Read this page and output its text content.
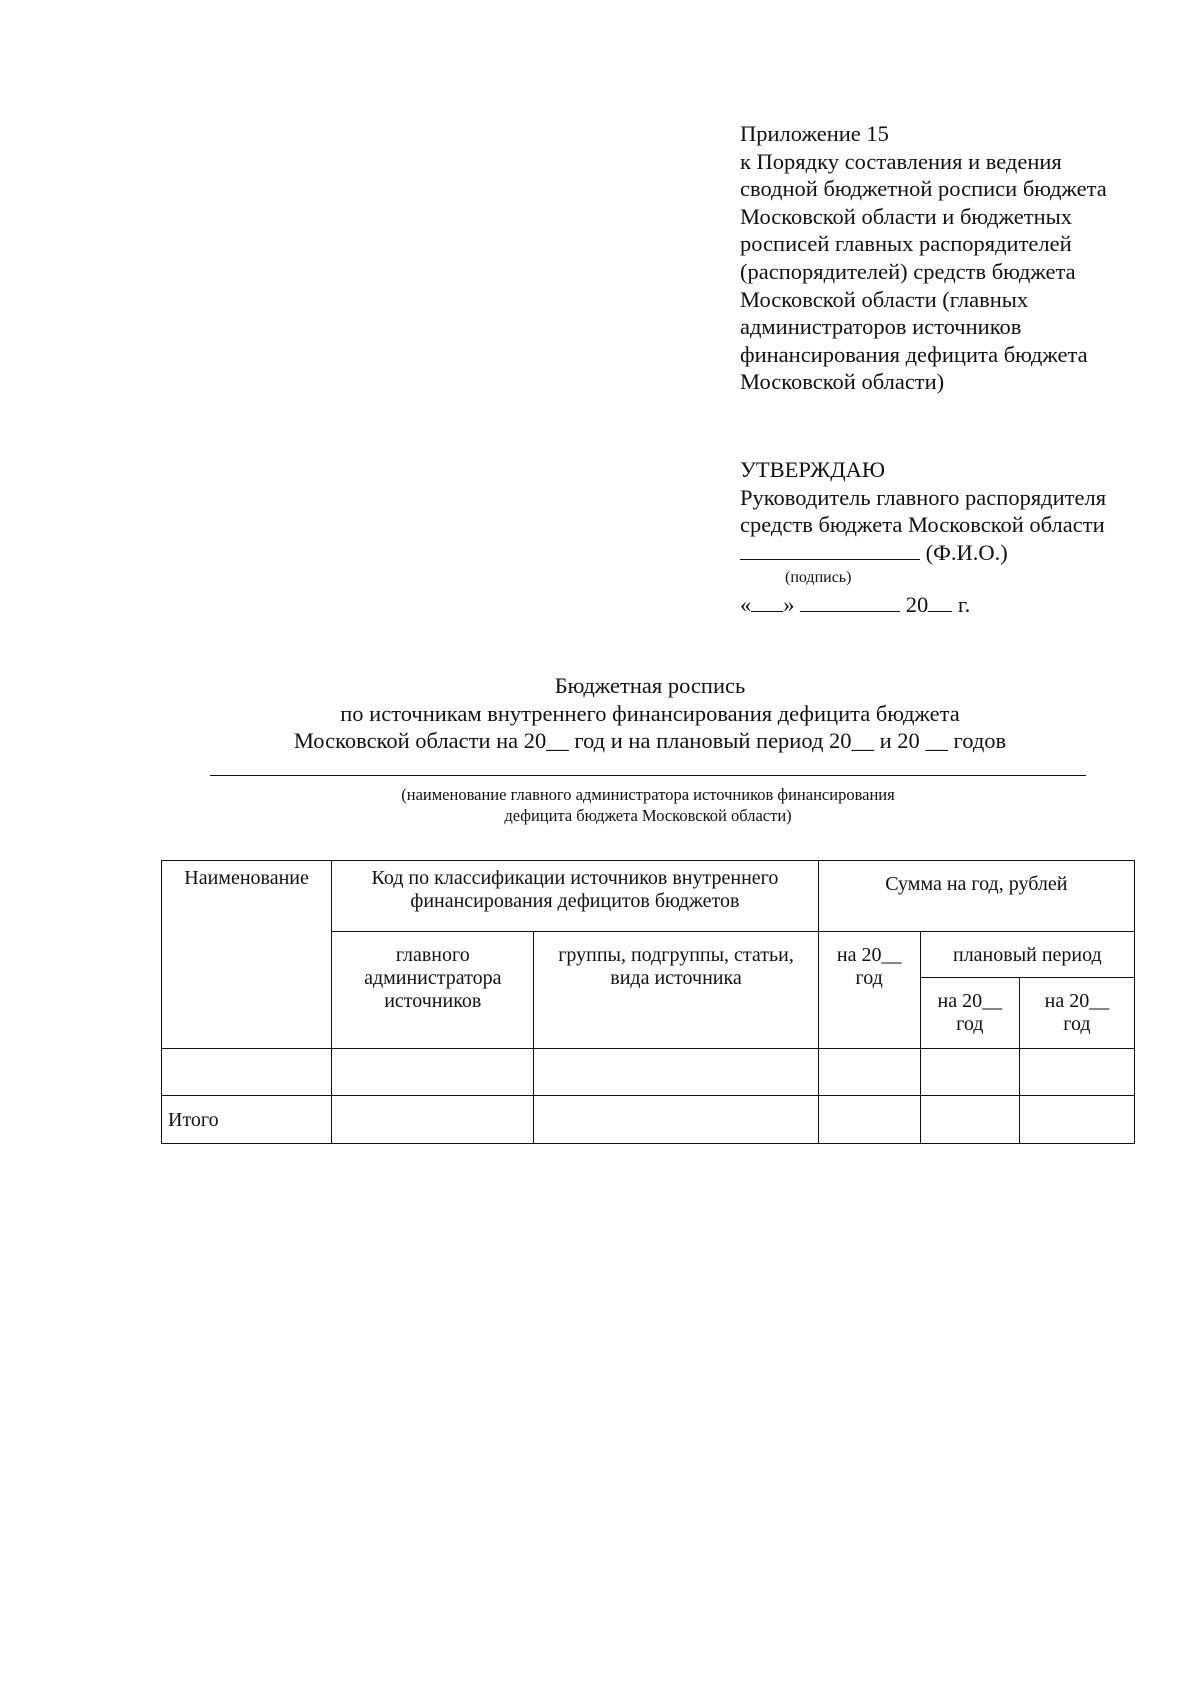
Приложение 15
к Порядку составления и ведения
сводной бюджетной росписи бюджета
Московской области и бюджетных
росписей главных распорядителей
(распорядителей) средств бюджета
Московской области (главных
администраторов источников
финансирования дефицита бюджета
Московской области)
УТВЕРЖДАЮ
Руководитель главного распорядителя
средств бюджета Московской области
(Ф.И.О.)
(подпись)
« »	20 г.
Бюджетная роспись
по источникам внутреннего финансирования дефицита бюджета
Московской области на 20__ год и на плановый период 20__ и 20 __ годов
(наименование главного администратора источников финансирования
дефицита бюджета Московской области)
Наименование	Код по классификации источников внутреннего финансирования дефицитов бюджетов		Сумма на год, рублей		

	главного администратора источников	группы, подгруппы, статьи, вида источника	на 20__ год	плановый период	

				на 20__ год	на 20__ год

Итого					
